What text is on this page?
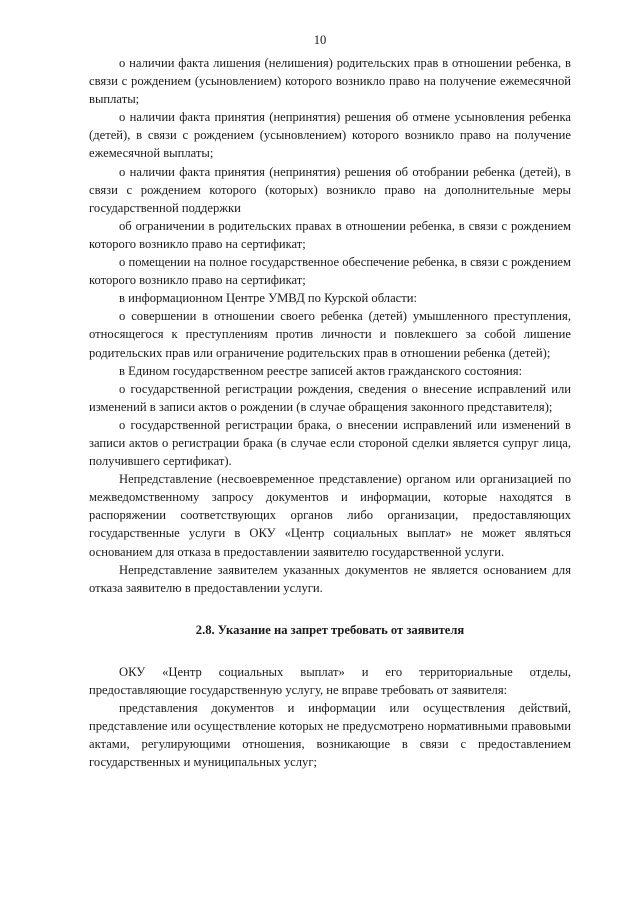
10

о наличии факта лишения (нелишения) родительских прав в отношении ребенка, в связи с рождением (усыновлением) которого возникло право на получение ежемесячной выплаты;

о наличии факта принятия (непринятия) решения об отмене усыновления ребенка (детей), в связи с рождением (усыновлением) которого возникло право на получение ежемесячной выплаты;

о наличии факта принятия (непринятия) решения об отобрании ребенка (детей), в связи с рождением которого (которых) возникло право на дополнительные меры государственной поддержки

об ограничении в родительских правах в отношении ребенка, в связи с рождением которого возникло право на сертификат;

о помещении на полное государственное обеспечение ребенка, в связи с рождением которого возникло право на сертификат;

в информационном Центре УМВД по Курской области:

о совершении в отношении своего ребенка (детей) умышленного преступления, относящегося к преступлениям против личности и повлекшего за собой лишение родительских прав или ограничение родительских прав в отношении ребенка (детей);

в Едином государственном реестре записей актов гражданского состояния:

о государственной регистрации рождения, сведения о внесение исправлений или изменений в записи актов о рождении (в случае обращения законного представителя);

о государственной регистрации брака, о внесении исправлений или изменений в записи актов о регистрации брака (в случае если стороной сделки является супруг лица, получившего сертификат).

Непредставление (несвоевременное представление) органом или организацией по межведомственному запросу документов и информации, которые находятся в распоряжении соответствующих органов либо организации, предоставляющих государственные услуги в ОКУ «Центр социальных выплат» не может являться основанием для отказа в предоставлении заявителю государственной услуги.

Непредставление заявителем указанных документов не является основанием для отказа заявителю в предоставлении услуги.

2.8. Указание на запрет требовать от заявителя

ОКУ «Центр социальных выплат» и его территориальные отделы, предоставляющие государственную услугу, не вправе требовать от заявителя:

представления документов и информации или осуществления действий, представление или осуществление которых не предусмотрено нормативными правовыми актами, регулирующими отношения, возникающие в связи с предоставлением государственных и муниципальных услуг;
